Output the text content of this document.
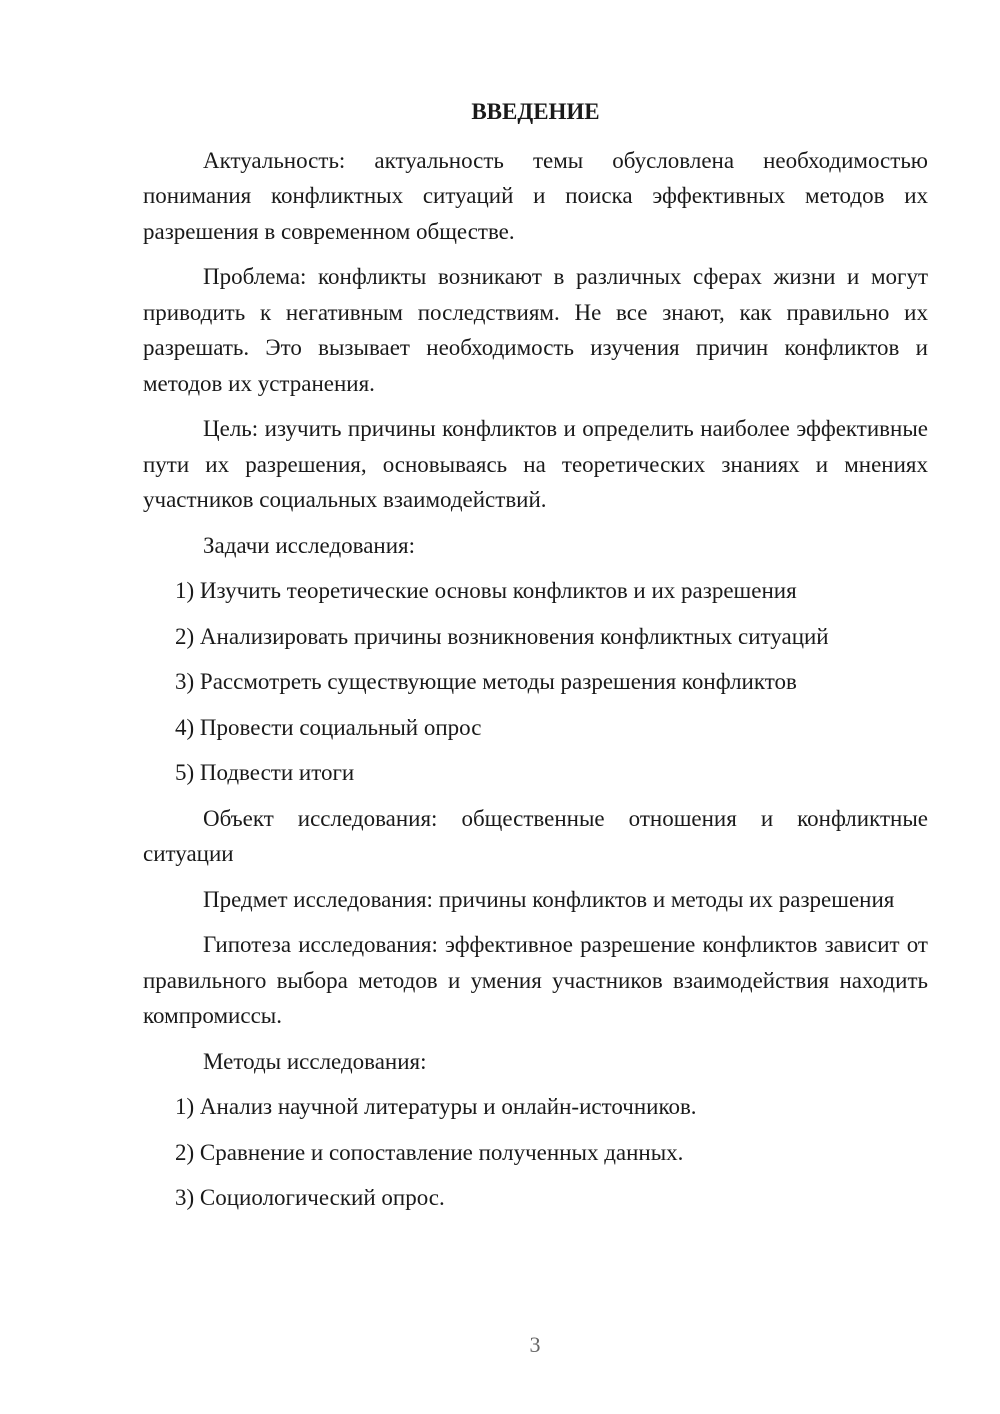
ВВЕДЕНИЕ

Актуальность: актуальность темы обусловлена необходимостью понимания конфликтных ситуаций и поиска эффективных методов их разрешения в современном обществе.

Проблема: конфликты возникают в различных сферах жизни и могут приводить к негативным последствиям. Не все знают, как правильно их разрешать. Это вызывает необходимость изучения причин конфликтов и методов их устранения.

Цель: изучить причины конфликтов и определить наиболее эффективные пути их разрешения, основываясь на теоретических знаниях и мнениях участников социальных взаимодействий.

Задачи исследования:

1) Изучить теоретические основы конфликтов и их разрешения
2) Анализировать причины возникновения конфликтных ситуаций
3) Рассмотреть существующие методы разрешения конфликтов
4) Провести социальный опрос
5) Подвести итоги

Объект исследования: общественные отношения и конфликтные ситуации

Предмет исследования: причины конфликтов и методы их разрешения

Гипотеза исследования: эффективное разрешение конфликтов зависит от правильного выбора методов и умения участников взаимодействия находить компромиссы.

Методы исследования:

1) Анализ научной литературы и онлайн-источников.
2) Сравнение и сопоставление полученных данных.
3) Социологический опрос.
3
